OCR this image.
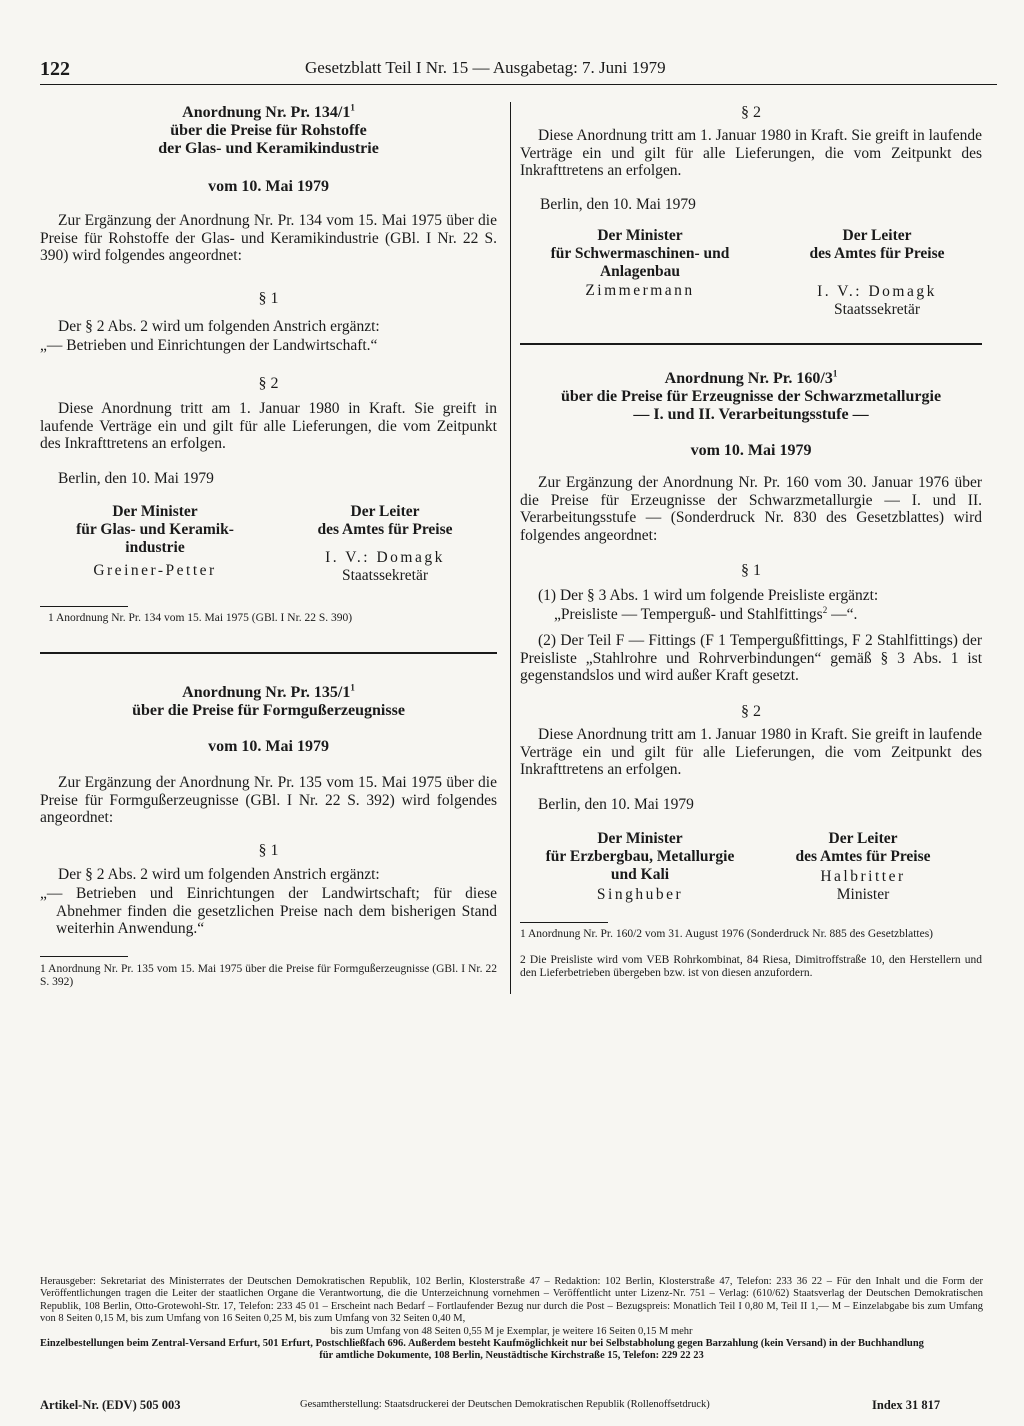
122	Gesetzblatt Teil I Nr. 15 — Ausgabetag: 7. Juni 1979
Anordnung Nr. Pr. $134/1^1$
über die Preise für Rohstoffe
der Glas- und Keramikindustrie
vom 10. Mai 1979
Zur Ergänzung der Anordnung Nr. Pr. 134 vom 15. Mai 1975 über die Preise für Rohstoffe der Glas- und Keramikindustrie (GBl. I Nr. 22 S. 390) wird folgendes angeordnet:
§ 1
Der § 2 Abs. 2 wird um folgenden Anstrich ergänzt:
„— Betrieben und Einrichtungen der Landwirtschaft.“
§ 2
Diese Anordnung tritt am 1. Januar 1980 in Kraft. Sie greift in laufende Verträge ein und gilt für alle Lieferungen, die vom Zeitpunkt des Inkrafttretens an erfolgen.
Berlin, den 10. Mai 1979
Der Minister
für Glas- und Keramik-
industrie
Greiner-Petter
Der Leiter
des Amtes für Preise
I. V.: Domagk
Staatssekretär
1 Anordnung Nr. Pr. 134 vom 15. Mai 1975 (GBl. I Nr. 22 S. 390)
Anordnung Nr. Pr. $135/1^1$
über die Preise für Formgußerzeugnisse
vom 10. Mai 1979
Zur Ergänzung der Anordnung Nr. Pr. 135 vom 15. Mai 1975 über die Preise für Formgußerzeugnisse (GBl. I Nr. 22 S. 392) wird folgendes angeordnet:
§ 1
Der § 2 Abs. 2 wird um folgenden Anstrich ergänzt:
„— Betrieben und Einrichtungen der Landwirtschaft; für diese Abnehmer finden die gesetzlichen Preise nach dem bisherigen Stand weiterhin Anwendung.“
1 Anordnung Nr. Pr. 135 vom 15. Mai 1975 über die Preise für Formgußerzeugnisse (GBl. I Nr. 22 S. 392)
§ 2
Diese Anordnung tritt am 1. Januar 1980 in Kraft. Sie greift in laufende Verträge ein und gilt für alle Lieferungen, die vom Zeitpunkt des Inkrafttretens an erfolgen.
Berlin, den 10. Mai 1979
Der Minister
für Schwermaschinen- und
Anlagenbau
Zimmermann
Der Leiter
des Amtes für Preise
I. V.: Domagk
Staatssekretär
Anordnung Nr. Pr. $160/3^1$
über die Preise für Erzeugnisse der Schwarzmetallurgie
— I. und II. Verarbeitungsstufe —
vom 10. Mai 1979
Zur Ergänzung der Anordnung Nr. Pr. 160 vom 30. Januar 1976 über die Preise für Erzeugnisse der Schwarzmetallurgie — I. und II. Verarbeitungsstufe — (Sonderdruck Nr. 830 des Gesetzblattes) wird folgendes angeordnet:
§ 1
(1) Der § 3 Abs. 1 wird um folgende Preisliste ergänzt:
„Preisliste — Temperguß- und Stahlfittings$^2$ —“.
(2) Der Teil F — Fittings (F 1 Tempergußfittings, F 2 Stahlfittings) der Preisliste „Stahlrohre und Rohrverbindungen“ gemäß § 3 Abs. 1 ist gegenstandslos und wird außer Kraft gesetzt.
§ 2
Diese Anordnung tritt am 1. Januar 1980 in Kraft. Sie greift in laufende Verträge ein und gilt für alle Lieferungen, die vom Zeitpunkt des Inkrafttretens an erfolgen.
Berlin, den 10. Mai 1979
Der Minister
für Erzbergbau, Metallurgie
und Kali
Singhuber
Der Leiter
des Amtes für Preise
Halbritter
Minister
1 Anordnung Nr. Pr. 160/2 vom 31. August 1976 (Sonderdruck Nr. 885 des Gesetzblattes)
2 Die Preisliste wird vom VEB Rohrkombinat, 84 Riesa, Dimitroffstraße 10, den Herstellern und den Lieferbetrieben übergeben bzw. ist von diesen anzufordern.
Herausgeber: Sekretariat des Ministerrates der Deutschen Demokratischen Republik, 102 Berlin, Klosterstraße 47 – Redaktion: 102 Berlin, Klosterstraße 47, Telefon: 233 36 22 – Für den Inhalt und die Form der Veröffentlichungen tragen die Leiter der staatlichen Organe die Verantwortung, die die Unterzeichnung vornehmen – Veröffentlicht unter Lizenz-Nr. 751 – Verlag: (610/62) Staatsverlag der Deutschen Demokratischen Republik, 108 Berlin, Otto-Grotewohl-Str. 17, Telefon: 233 45 01 – Erscheint nach Bedarf – Fortlaufender Bezug nur durch die Post – Bezugspreis: Monatlich Teil I 0,80 M, Teil II 1,— M – Einzelabgabe bis zum Umfang von 8 Seiten 0,15 M, bis zum Umfang von 16 Seiten 0,25 M, bis zum Umfang von 32 Seiten 0,40 M,
bis zum Umfang von 48 Seiten 0,55 M je Exemplar, je weitere 16 Seiten 0,15 M mehr
Einzelbestellungen beim Zentral-Versand Erfurt, 501 Erfurt, Postschließfach 696. Außerdem besteht Kaufmöglichkeit nur bei Selbstabholung gegen Barzahlung (kein Versand) in der Buchhandlung
für amtliche Dokumente, 108 Berlin, Neustädtische Kirchstraße 15, Telefon: 229 22 23
Artikel-Nr. (EDV) 505 003	Gesamtherstellung: Staatsdruckerei der Deutschen Demokratischen Republik (Rollenoffsetdruck)	Index 31 817
